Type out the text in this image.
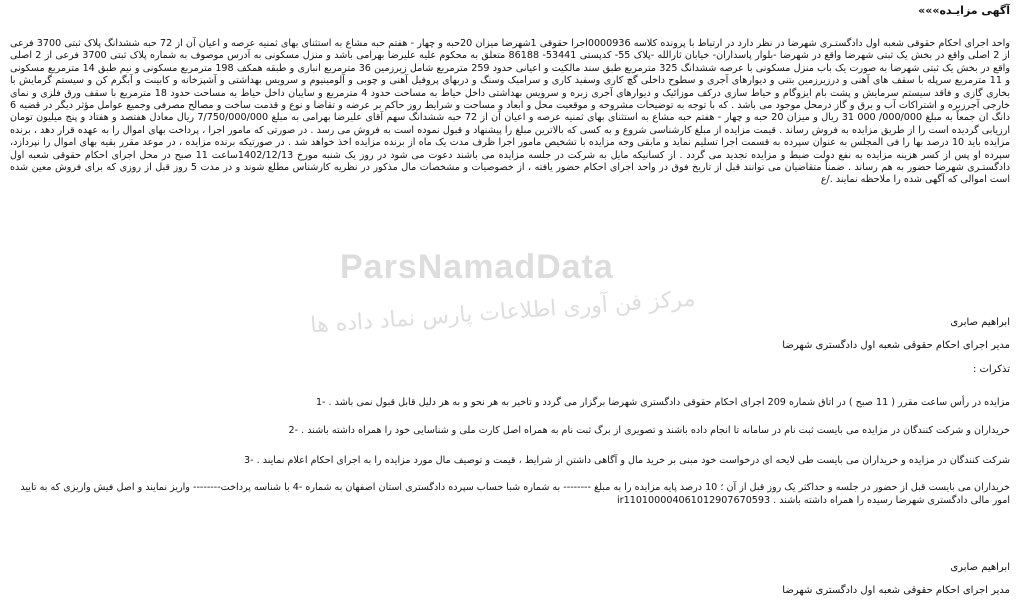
آگهی مزایـده»»»
واحد اجرای احکام حقوقی شعبه اول دادگستـری شهرضا در نظر دارد در ارتباط با پرونده کلاسه 0000936اجرا حقوقی 1شهرضا میزان 20حبه و چهار - هفتم حبه مشاع به استثنای بهای ثمنیه عرصه و اعیان آن از 72 حبه ششدانگ پلاک ثبتی 3700 فرعی از 2 اصلی واقع در بخش یک ثبتی شهرضا واقع در شهرضا -بلوار پاسداران- خیابان ثارالله -پلاک 55- کدپستی 53441- 86188 متعلق به محکوم علیه علیرضا بهرامی باشد و منزل مسکونی به آدرس موصوف به شماره پلاک ثبتی 3700 فرعی از 2 اصلی واقع در بخش یک ثبتی شهرضا به صورت یک باب منزل مسکونی با عرصه ششدانگ 325 مترمربع طبق سند مالکیت و اعیانی حدود 259 مترمربع شامل زیرزمین 36 مترمربع انباری و طبقه همکف 198 مترمربع مسکونی و نیم طبق 14 مترمربع مسکونی و 11 مترمربع سرپله با سقف های آهنی و درزیرزمین بتنی و دیوارهای آجری و سطوح داخلی گچ کاری وسفید کاری و سرامیک وسنگ و دربهای پروفیل آهنی و چوبی و آلومینیوم و سرویس بهداشتی و آشپزخانه و کابینت و آبگرم کن و سیستم گرمایش با بخاری گازی و فاقد سیستم سرمایش و پشت بام ایزوگام و حیاط سازی درکف موزائیک و دیوارهای آجری زبره و سرویس بهداشتی داخل حیاط به مساحت حدود 4 مترمربع و سایبان داخل حیاط به مساحت حدود 18 مترمربع با سقف ورق فلزی و نمای خارجی آجرزبره و اشتراکات آب و برق و گاز درمحل موجود می باشد . که با توجه به توضیحات مشروحه و موقعیت محل و ابعاد و مساحت و شرایط روز حاکم بر عرضه و تقاضا و نوع و قدمت ساخت و مصالح مصرفی وجمیع عوامل مؤثر دیگر در قضیه 6 دانگ ان جمعاً به مبلغ 000/000/ 000 31 ریال و میزان 20 حبه و چهار - هفتم حبه مشاع به استثنای بهای ثمنیه عرصه و اعیان آن از 72 حبه ششدانگ سهم آقای علیرضا بهرامی به مبلغ 7/750/000/000 ریال معادل هفتصد و هفتاد و پنج میلیون تومان ارزیابی گردیده است را از طریق مزایده به فروش رساند . قیمت مزایده از مبلغ کارشناسی شروع و به کسی که بالاترین مبلغ را پیشنهاد و قبول نموده است به فروش می رسد . در صورتی که مامور اجرا ، پرداخت بهای اموال را به عهده قرار دهد ، برنده مزایده باید 10 درصد بها را فی المجلس به عنوان سپرده به قسمت اجرا تسلیم نماید و مابقی وجه مزایده با تشخیص مامور اجرا ظرف مدت یک ماه از برنده مزایده اخذ خواهد شد . در صورتیکه برنده مزایده ، در موعد مقرر بقیه بهای اموال را نپردازد، سپرده او پس از کسر هزینه مزایده به نفع دولت ضبط و مزایده تجدید می گردد . از کسانیکه مایل به شرکت در جلسه مزایده می باشند دعوت می شود در روز یک شنبه مورخ 1402/12/13ساعت 11 صبح در محل اجرای احکام حقوقی شعبه اول دادگستـری شهرضا حضور به هم رساند . ضمناً متقاضیان می توانند قبل از تاریخ فوق در واحد اجرای احکام حضور یافته ، از خصوصیات و مشخصات مال مذکور در نظریه کارشناس مطلع شوند و در مدت 5 روز قبل از روزی که برای فروش معین شده است اموالی که آگهی شده را ملاحظه نمایند ./ع
ParsNamadData
مرکز فن آوری اطلاعات پارس نماد داده ها	ابراهیم صابری
مدیر اجرای احکام حقوقی شعبه اول دادگستری شهرضا
تذکرات :
مزایده در رأس ساعت مقرر ( 11 صبح ) در اتاق شماره 209 اجرای احکام حقوقی دادگستری شهرضا برگزار می گردد و تاخیر به هر نحو و به هر دلیل قابل قبول نمی باشد . -1
خریداران و شرکت کنندگان در مزایده می بایست ثبت نام در سامانه تا انجام داده باشند و تصویری از برگ ثبت نام به همراه اصل کارت ملی و شناسایی خود را همراه داشته باشند . -2
شرکت کنندگان در مزایده و خریداران می بایست طی لایحه ای درخواست خود مبنی بر خرید مال و آگاهی داشتن از شرایط ، قیمت و توصیف مال مورد مزایده را به اجرای احکام اعلام نمایند . -3
خریداران می بایست قبل از حضور در جلسه و حداکثر یک روز قبل از آن ؛ 10 درصد پایه مزایده را به مبلغ -------- به شماره شبا حساب سپرده دادگستری استان اصفهان به شماره -4 با شناسه پرداخت-------- واریز نمایند و اصل فیش واریزی که به تایید امور مالی دادگستری شهرضا رسیده را همراه داشته باشند . ir110100004061012907670593
ابراهیم صابری
مدیر اجرای احکام حقوقی شعبه اول دادگستری شهرضا
